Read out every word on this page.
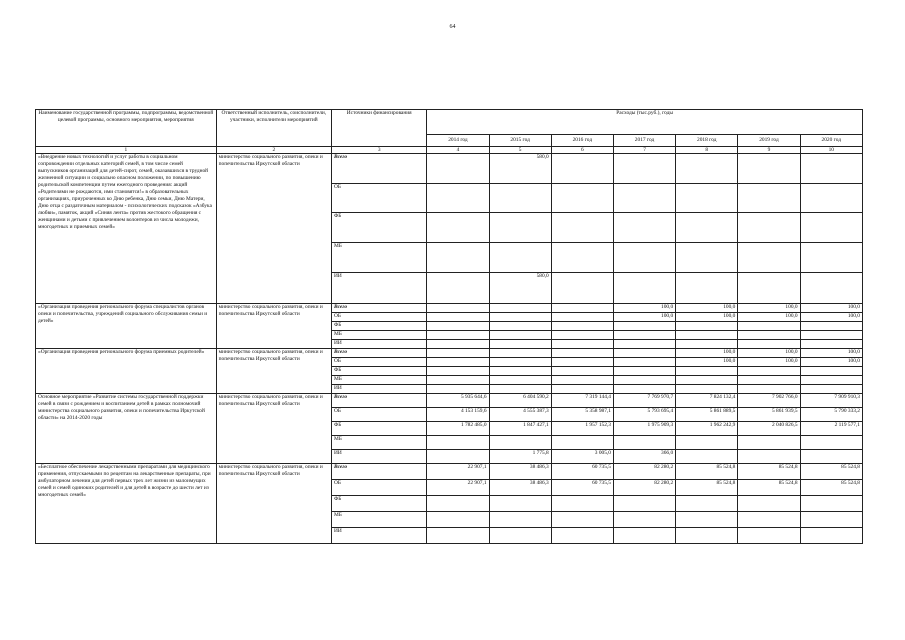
64
Наименование государственной программы, подпрограммы, ведомственной целевой программы, основного мероприятия, мероприятия	Ответственный исполнитель, соисполнители, участники, исполнители мероприятий	Источники финансирования	Расходы (тыс.руб.), годы						
			2014 год	2015 год	2016 год	2017 год	2018 год	2019 год	2020 год
1	2	3	4	5	6	7	8	9	10
«Внедрение новых технологий и услуг работы в социальном сопровождении отдельных категорий семей, в том числе семей выпускников организаций для детей-сирот, семей, оказавшихся в трудной жизненной ситуации и социально опасном положении, по повышению родительской компетенции путем ежегодного проведения: акций «Родителями не рождаются, ими становятся!» в образовательных организациях, приуроченных ко Дню ребенка, Дню семьи, Дню Матери, Дню отца с раздаточным материалом - психологических подсказок «Азбука любви», памяток, акций «Синяя лента» против жестокого обращения с женщинами и детьми с привлечением волонтеров из числа молодежи, многодетных и приемных семей»	министерство социального развития, опеки и попечительства Иркутской области	Всего		580,0					
		ОБ							
		ФБ							
		МБ							
		ИИ		580,0					
«Организация проведения регионального форума специалистов органов опеки и попечительства, учреждений социального обслуживания семьи и детей»	министерство социального развития, опеки и попечительства Иркутской области	Всего				100,0	100,0	100,0	100,0
		ОБ				100,0	100,0	100,0	100,0
		ФБ							
		МБ							
		ИИ							
«Организация проведения регионального форума приемных родителей»	министерство социального развития, опеки и попечительства Иркутской области	Всего					100,0	100,0	100,0
		ОБ					100,0	100,0	100,0
		ФБ							
		МБ							
		ИИ							
Основное мероприятие «Развитие системы государственной поддержки семей в связи с рождением и воспитанием детей в рамках полномочий министерства социального развития, опеки и попечительства Иркутской области» на 2014-2020 годы	министерство социального развития, опеки и попечительства Иркутской области	Всего	5 935 644,6	6 404 590,2	7 319 144,4	7 769 970,7	7 824 132,4	7 902 766,0	7 909 910,3
		ОБ	4 153 159,6	4 555 387,3	5 358 987,1	5 793 695,4	5 861 889,5	5 861 939,5	5 790 333,2
		ФБ	1 782 485,0	1 847 427,1	1 957 152,3	1 975 909,3	1 962 242,9	2 040 826,5	2 119 577,1
		МБ							
		ИИ		1 775,8	3 005,0	366,0			
«Бесплатное обеспечение лекарственными препаратами для медицинского применения, отпускаемыми по рецептам на лекарственные препараты, при амбулаторном лечении для детей первых трех лет жизни из малоимущих семей и семей одиноких родителей и для детей в возрасте до шести лет из многодетных семей»	министерство социального развития, опеки и попечительства Иркутской области	Всего	22 907,1	38 486,3	60 735,5	82 280,2	85 524,8	85 524,8	85 524,8
		ОБ	22 907,1	38 486,3	60 735,5	82 280,2	85 524,8	85 524,8	85 524,8
		ФБ							
		МБ							
		ИИ							
